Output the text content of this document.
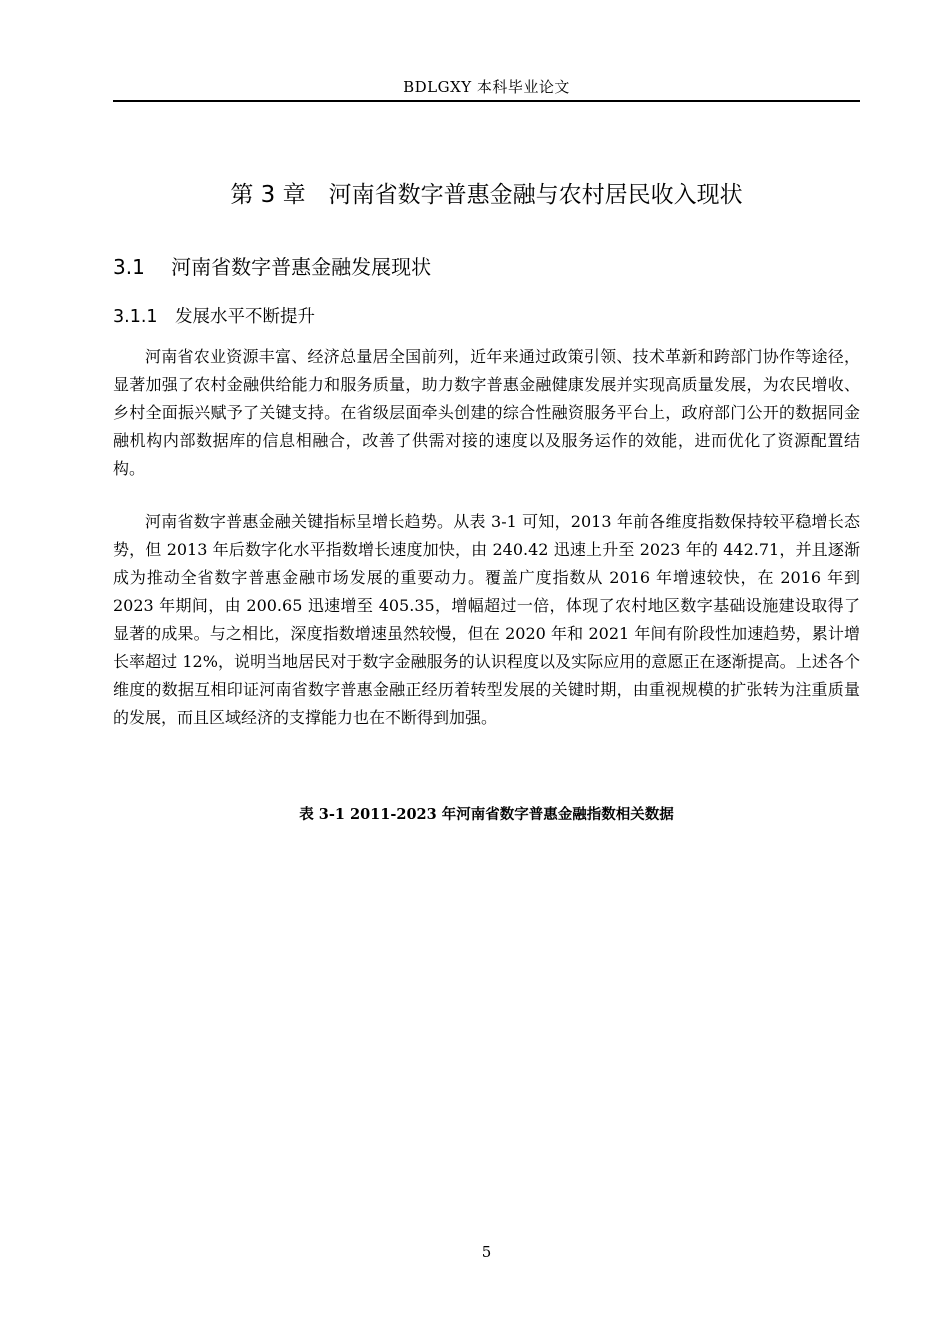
BDLGXY 本科毕业论文
第 3 章　河南省数字普惠金融与农村居民收入现状
3.1　 河南省数字普惠金融发展现状
3.1.1　发展水平不断提升

河南省农业资源丰富、经济总量居全国前列，近年来通过政策引领、技术革新和跨部门协作等途径，显著加强了农村金融供给能力和服务质量，助力数字普惠金融健康发展并实现高质量发展，为农民增收、乡村全面振兴赋予了关键支持。在省级层面牵头创建的综合性融资服务平台上，政府部门公开的数据同金融机构内部数据库的信息相融合，改善了供需对接的速度以及服务运作的效能，进而优化了资源配置结构。

河南省数字普惠金融关键指标呈增长趋势。从表 3-1 可知，2013 年前各维度指数保持较平稳增长态势，但 2013 年后数字化水平指数增长速度加快，由 240.42 迅速上升至 2023 年的 442.71，并且逐渐成为推动全省数字普惠金融市场发展的重要动力。覆盖广度指数从 2016 年增速较快，在 2016 年到 2023 年期间，由 200.65 迅速增至 405.35，增幅超过一倍，体现了农村地区数字基础设施建设取得了显著的成果。与之相比，深度指数增速虽然较慢，但在 2020 年和 2021 年间有阶段性加速趋势，累计增长率超过 12%，说明当地居民对于数字金融服务的认识程度以及实际应用的意愿正在逐渐提高。上述各个维度的数据互相印证河南省数字普惠金融正经历着转型发展的关键时期，由重视规模的扩张转为注重质量的发展，而且区域经济的支撑能力也在不断得到加强。

表 3-1 2011-2023 年河南省数字普惠金融指数相关数据
5
